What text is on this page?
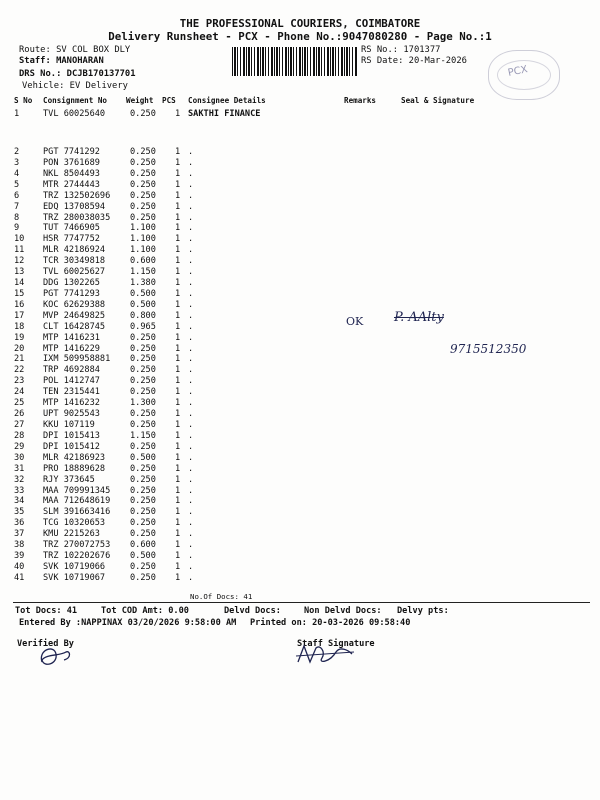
THE PROFESSIONAL COURIERS, COIMBATORE
Delivery Runsheet - PCX - Phone No.:9047080280 - Page No.:1
Route: SV COL BOX DLY
Staff: MANOHARAN
DRS No.: DCJB170137701
Vehicle: EV Delivery
RS No.: 1701377
RS Date: 20-Mar-2026
PCX
S No Consignment No Weight PCS Consignee Details	Remarks	Seal & Signature
1	TVL 60025640	0.250 1 SAKTHI FINANCE
2	PGT 7741292	0.250 1 .
3	PON 3761689	0.250 1 .
4	NKL 8504493	0.250 1 .
5	MTR 2744443	0.250 1 .
6	TRZ 132502696 0.250 1 .
7	EDQ 13708594	0.250 1 .
8	TRZ 280038035 0.250 1 .
9	TUT 7466905	1.100 1 .
10 HSR 7747752	1.100 1 .
11 MLR 42186924	1.100 1 .
12 TCR 30349818	0.600 1 .
13 TVL 60025627	1.150 1 .
14 DDG 1302265	1.380 1 .
15 PGT 7741293	0.500 1 .
16 KOC 62629388	0.500 1 .
17 MVP 24649825	0.800 1 .
18 CLT 16428745	0.965 1 .
19 MTP 1416231	0.250 1 .
20 MTP 1416229	0.250 1 .
21 IXM 509958881 0.250 1 .
22 TRP 4692884	0.250 1 .
23 POL 1412747	0.250 1 .
24 TEN 2315441	0.250 1 .
25 MTP 1416232	1.300 1 .
26 UPT 9025543	0.250 1 .
27 KKU 107119	0.250 1 .
28 DPI 1015413	1.150 1 .
29 DPI 1015412	0.250 1 .
30 MLR 42186923	0.500 1 .
31 PRO 18889628	0.250 1 .
32 RJY 373645	0.250 1 .
33 MAA 709991345 0.250 1 .
34 MAA 712648619 0.250 1 .
35 SLM 391663416 0.250 1 .
36 TCG 10320653	0.250 1 .
37 KMU 2215263	0.250 1 .
38 TRZ 270072753 0.600 1 .
39 TRZ 102202676 0.500 1 .
40 SVK 10719066	0.250 1 .
41 SVK 10719067	0.250 1 .
OK P. AAlty
9715512350
No.Of Docs: 41
Tot Docs: 41	Tot COD Amt: 0.00	Delvd Docs:	Non Delvd Docs: Delvy pts:
Entered By :NAPPINAX 03/20/2026 9:58:00 AM Printed on: 20-03-2026 09:58:40
Verified By	Staff Signature
